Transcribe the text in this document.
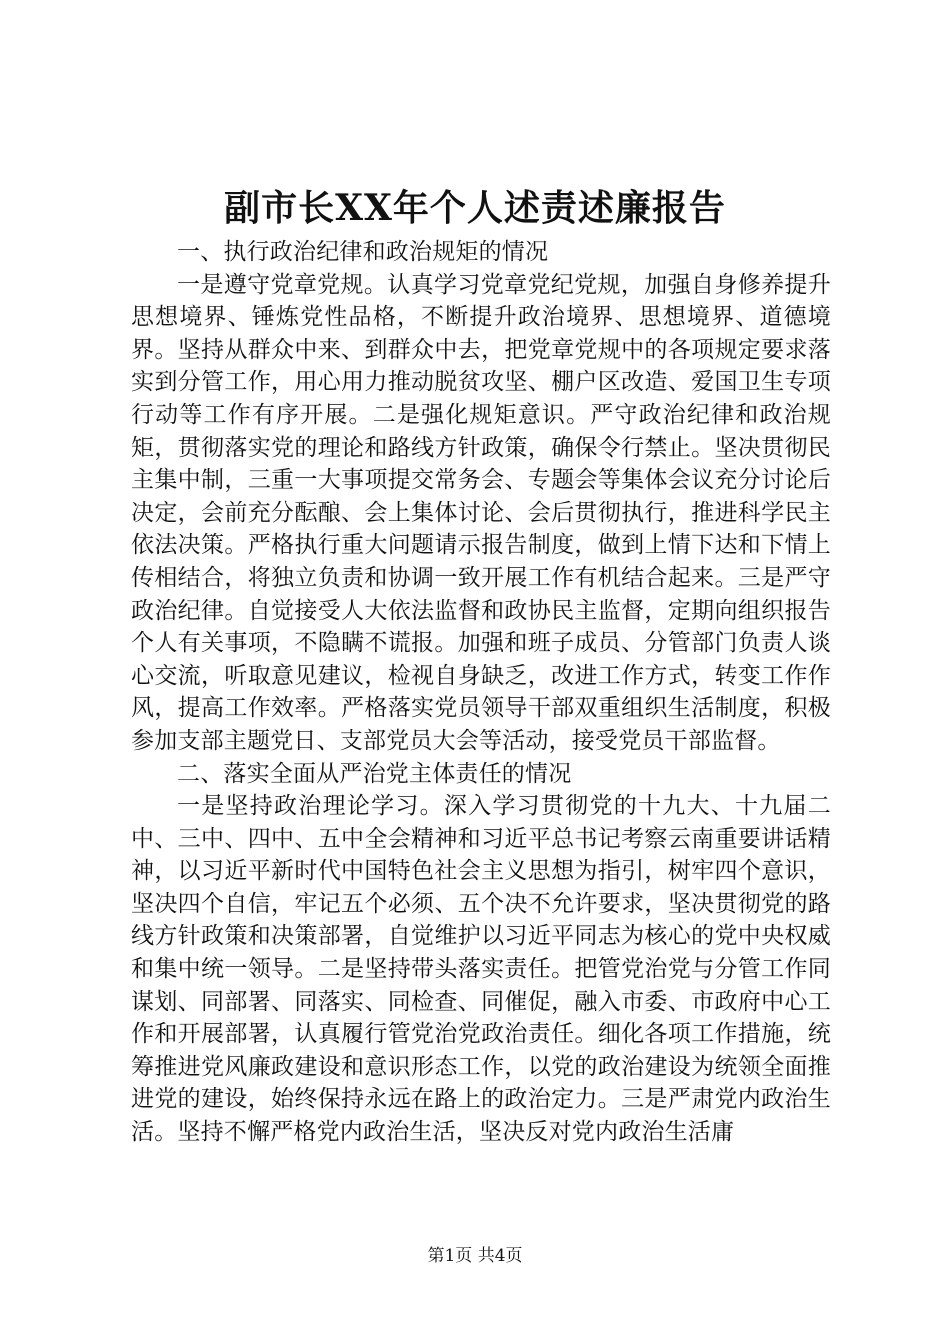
副市长XX年个人述责述廉报告

一、执行政治纪律和政治规矩的情况

一是遵守党章党规。认真学习党章党纪党规，加强自身修养提升思想境界、锤炼党性品格，不断提升政治境界、思想境界、道德境界。坚持从群众中来、到群众中去，把党章党规中的各项规定要求落实到分管工作，用心用力推动脱贫攻坚、棚户区改造、爱国卫生专项行动等工作有序开展。二是强化规矩意识。严守政治纪律和政治规矩，贯彻落实党的理论和路线方针政策，确保令行禁止。坚决贯彻民主集中制，三重一大事项提交常务会、专题会等集体会议充分讨论后决定，会前充分酝酿、会上集体讨论、会后贯彻执行，推进科学民主依法决策。严格执行重大问题请示报告制度，做到上情下达和下情上传相结合，将独立负责和协调一致开展工作有机结合起来。三是严守政治纪律。自觉接受人大依法监督和政协民主监督，定期向组织报告个人有关事项，不隐瞒不谎报。加强和班子成员、分管部门负责人谈心交流，听取意见建议，检视自身缺乏，改进工作方式，转变工作作风，提高工作效率。严格落实党员领导干部双重组织生活制度，积极参加支部主题党日、支部党员大会等活动，接受党员干部监督。

二、落实全面从严治党主体责任的情况

一是坚持政治理论学习。深入学习贯彻党的十九大、十九届二中、三中、四中、五中全会精神和习近平总书记考察云南重要讲话精神，以习近平新时代中国特色社会主义思想为指引，树牢四个意识，坚决四个自信，牢记五个必须、五个决不允许要求，坚决贯彻党的路线方针政策和决策部署，自觉维护以习近平同志为核心的党中央权威和集中统一领导。二是坚持带头落实责任。把管党治党与分管工作同谋划、同部署、同落实、同检查、同催促，融入市委、市政府中心工作和开展部署，认真履行管党治党政治责任。细化各项工作措施，统筹推进党风廉政建设和意识形态工作，以党的政治建设为统领全面推进党的建设，始终保持永远在路上的政治定力。三是严肃党内政治生活。坚持不懈严格党内政治生活，坚决反对党内政治生活庸

第1页 共4页
